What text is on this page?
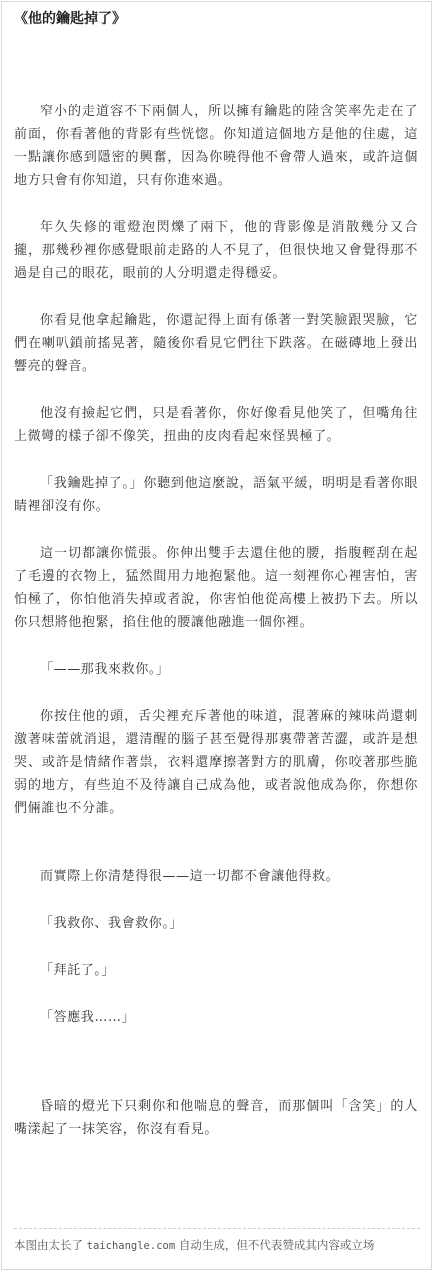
《他的鑰匙掉了》

窄小的走道容不下兩個人，所以擁有鑰匙的陸含笑率先走在了前面，你看著他的背影有些恍惚。你知道這個地方是他的住處，這一點讓你感到隱密的興奮，因為你曉得他不會帶人過來，或許這個地方只會有你知道，只有你進來過。

年久失修的電燈泡閃爍了兩下，他的背影像是消散幾分又合攏，那幾秒裡你感覺眼前走路的人不見了，但很快地又會覺得那不過是自己的眼花，眼前的人分明還走得穩妥。

你看見他拿起鑰匙，你還記得上面有係著一對笑臉跟哭臉，它們在喇叭鎖前搖晃著，隨後你看見它們往下跌落。在磁磚地上發出響亮的聲音。

他沒有撿起它們，只是看著你，你好像看見他笑了，但嘴角往上微彎的樣子卻不像笑，扭曲的皮肉看起來怪異極了。

「我鑰匙掉了。」你聽到他這麼說，語氣平緩，明明是看著你眼睛裡卻沒有你。

這一切都讓你慌張。你伸出雙手去還住他的腰，指腹輕刮在起了毛邊的衣物上，猛然間用力地抱緊他。這一刻裡你心裡害怕，害怕極了，你怕他消失掉或者說，你害怕他從高樓上被扔下去。所以你只想將他抱緊，掐住他的腰讓他融進一個你裡。

「——那我來救你。」

你按住他的頭，舌尖裡充斥著他的味道，混著麻的辣味尚還刺激著味蕾就消退，還清醒的腦子甚至覺得那裏帶著苦澀，或許是想哭、或許是情緒作著祟，衣料還摩擦著對方的肌膚，你咬著那些脆弱的地方，有些迫不及待讓自己成為他，或者說他成為你，你想你們倆誰也不分誰。

而實際上你清楚得很——這一切都不會讓他得救。

「我救你、我會救你。」

「拜託了。」

「答應我……」

昏暗的燈光下只剩你和他喘息的聲音，而那個叫「含笑」的人嘴漾起了一抹笑容，你沒有看見。

本图由太长了 taichangle.com 自动生成，但不代表赞成其内容或立场
